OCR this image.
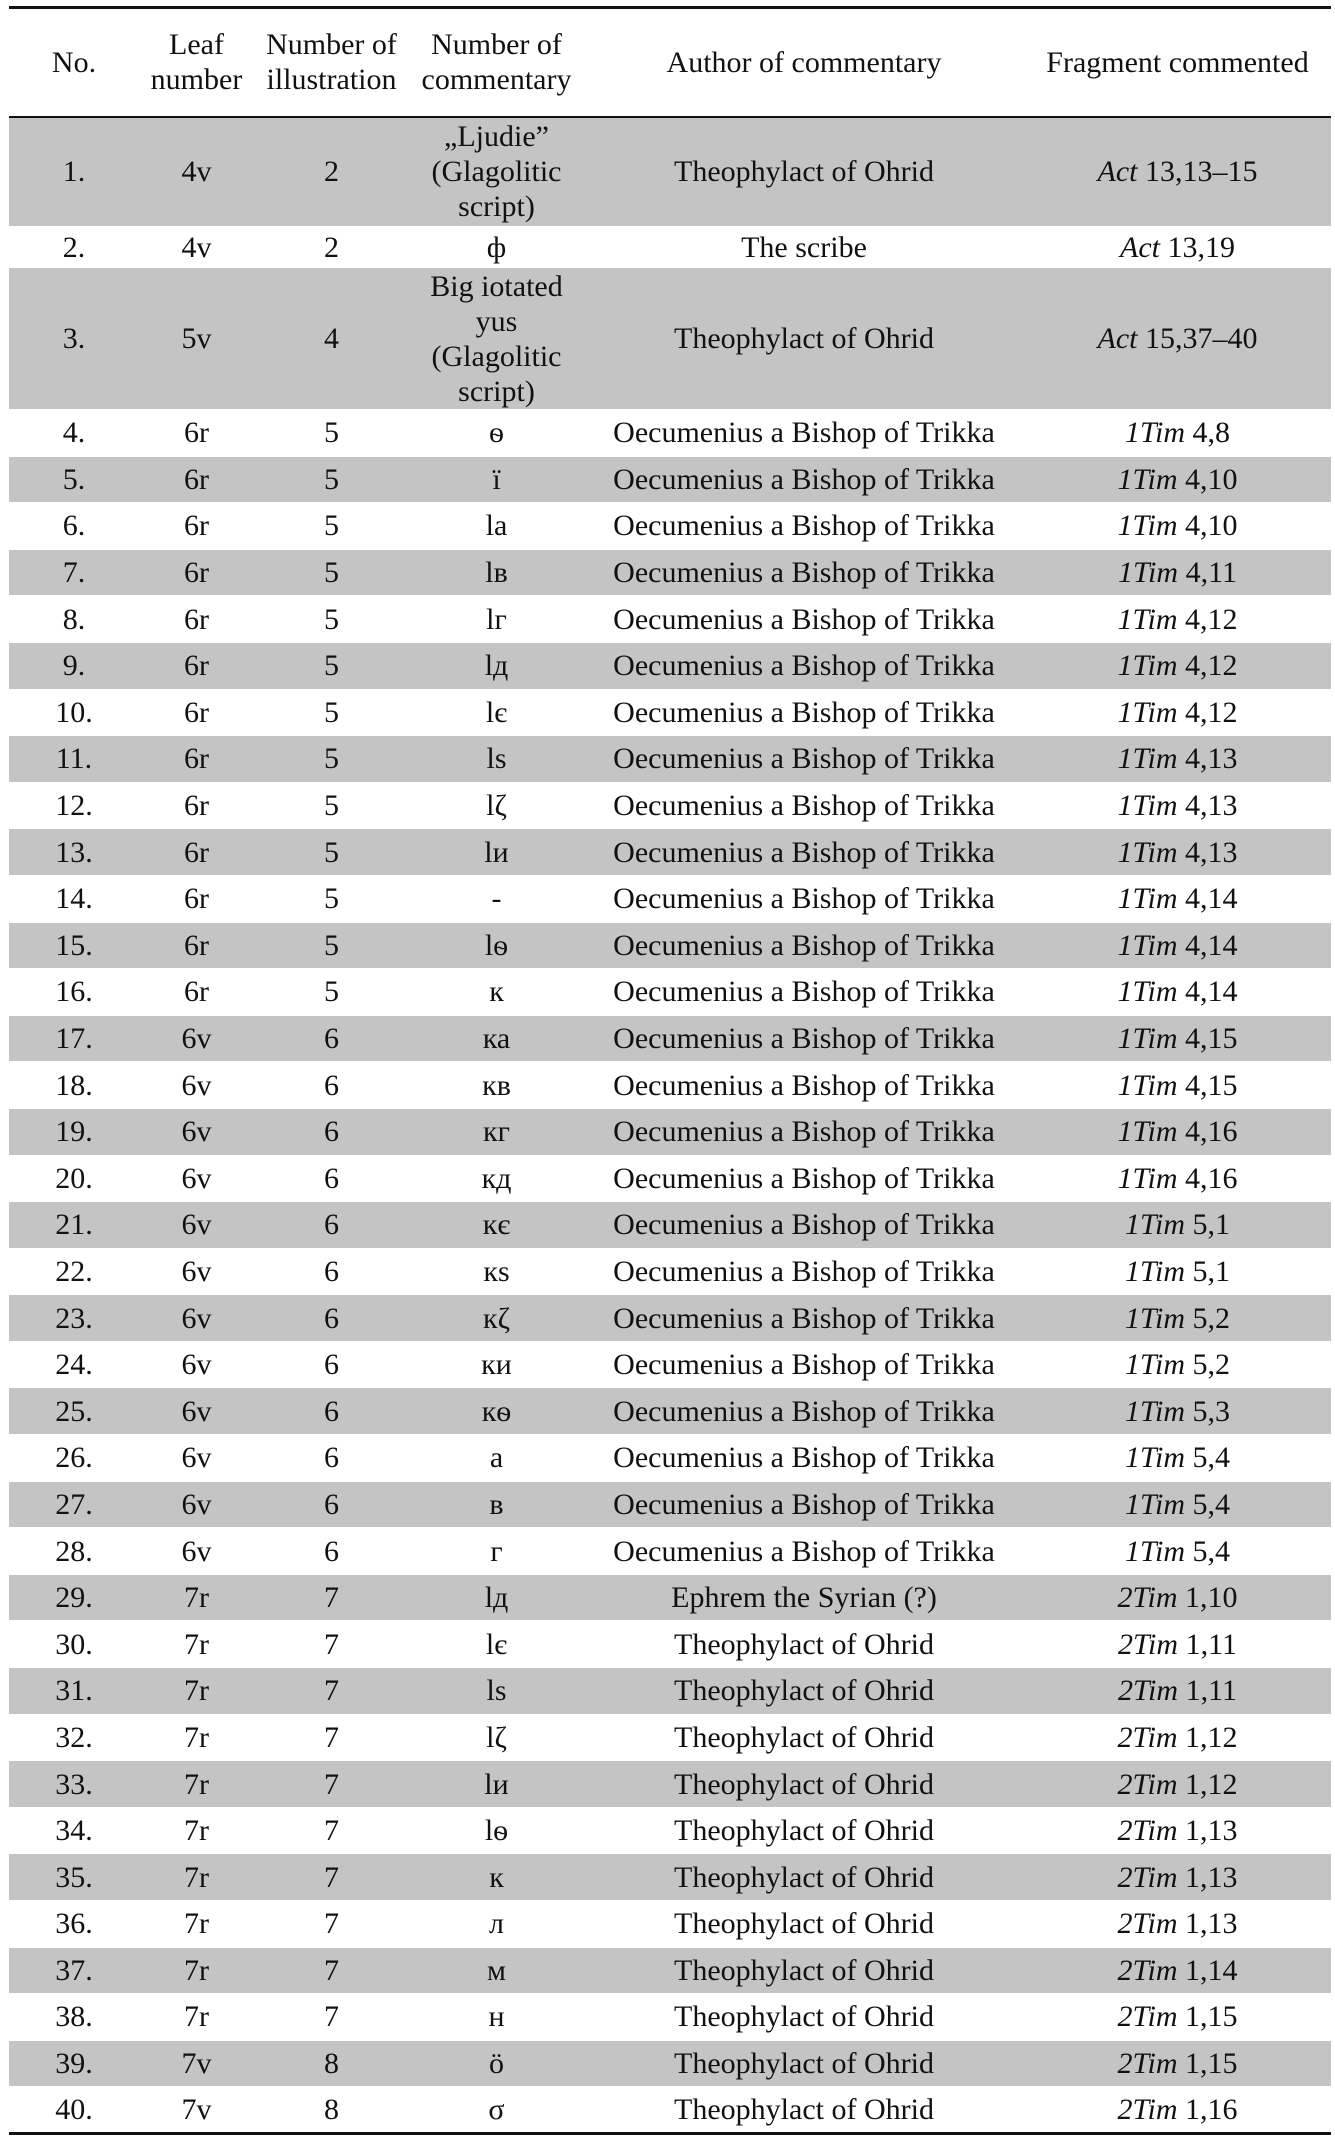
No.	Leaf number	Number of illustration	Number of commentary	Author of commentary	Fragment commented
1.	4v	2	„Ljudie” (Glagolitic script)	Theophylact of Ohrid	Act 13,13–15
2.	4v	2	ф	The scribe	Act 13,19
3.	5v	4	Big iotated yus (Glagolitic script)	Theophylact of Ohrid	Act 15,37–40
4.	6r	5	ѳ	Oecumenius a Bishop of Trikka	1Tim 4,8
5.	6r	5	ї	Oecumenius a Bishop of Trikka	1Tim 4,10
6.	6r	5	ӏа	Oecumenius a Bishop of Trikka	1Tim 4,10
7.	6r	5	ӏв	Oecumenius a Bishop of Trikka	1Tim 4,11
8.	6r	5	ӏг	Oecumenius a Bishop of Trikka	1Tim 4,12
9.	6r	5	ӏд	Oecumenius a Bishop of Trikka	1Tim 4,12
10.	6r	5	ӏє	Oecumenius a Bishop of Trikka	1Tim 4,12
11.	6r	5	ӏѕ	Oecumenius a Bishop of Trikka	1Tim 4,13
12.	6r	5	ӏζ	Oecumenius a Bishop of Trikka	1Tim 4,13
13.	6r	5	ӏи	Oecumenius a Bishop of Trikka	1Tim 4,13
14.	6r	5	-	Oecumenius a Bishop of Trikka	1Tim 4,14
15.	6r	5	ӏѳ	Oecumenius a Bishop of Trikka	1Tim 4,14
16.	6r	5	к	Oecumenius a Bishop of Trikka	1Tim 4,14
17.	6v	6	ка	Oecumenius a Bishop of Trikka	1Tim 4,15
18.	6v	6	кв	Oecumenius a Bishop of Trikka	1Tim 4,15
19.	6v	6	кг	Oecumenius a Bishop of Trikka	1Tim 4,16
20.	6v	6	кд	Oecumenius a Bishop of Trikka	1Tim 4,16
21.	6v	6	кє	Oecumenius a Bishop of Trikka	1Tim 5,1
22.	6v	6	кѕ	Oecumenius a Bishop of Trikka	1Tim 5,1
23.	6v	6	кζ	Oecumenius a Bishop of Trikka	1Tim 5,2
24.	6v	6	ки	Oecumenius a Bishop of Trikka	1Tim 5,2
25.	6v	6	кѳ	Oecumenius a Bishop of Trikka	1Tim 5,3
26.	6v	6	а	Oecumenius a Bishop of Trikka	1Tim 5,4
27.	6v	6	в	Oecumenius a Bishop of Trikka	1Tim 5,4
28.	6v	6	г	Oecumenius a Bishop of Trikka	1Tim 5,4
29.	7r	7	ӏд	Ephrem the Syrian (?)	2Tim 1,10
30.	7r	7	ӏє	Theophylact of Ohrid	2Tim 1,11
31.	7r	7	ӏѕ	Theophylact of Ohrid	2Tim 1,11
32.	7r	7	ӏζ	Theophylact of Ohrid	2Tim 1,12
33.	7r	7	ӏи	Theophylact of Ohrid	2Tim 1,12
34.	7r	7	ӏѳ	Theophylact of Ohrid	2Tim 1,13
35.	7r	7	к	Theophylact of Ohrid	2Tim 1,13
36.	7r	7	л	Theophylact of Ohrid	2Tim 1,13
37.	7r	7	м	Theophylact of Ohrid	2Tim 1,14
38.	7r	7	н	Theophylact of Ohrid	2Tim 1,15
39.	7v	8	ö	Theophylact of Ohrid	2Tim 1,15
40.	7v	8	σ	Theophylact of Ohrid	2Tim 1,16
